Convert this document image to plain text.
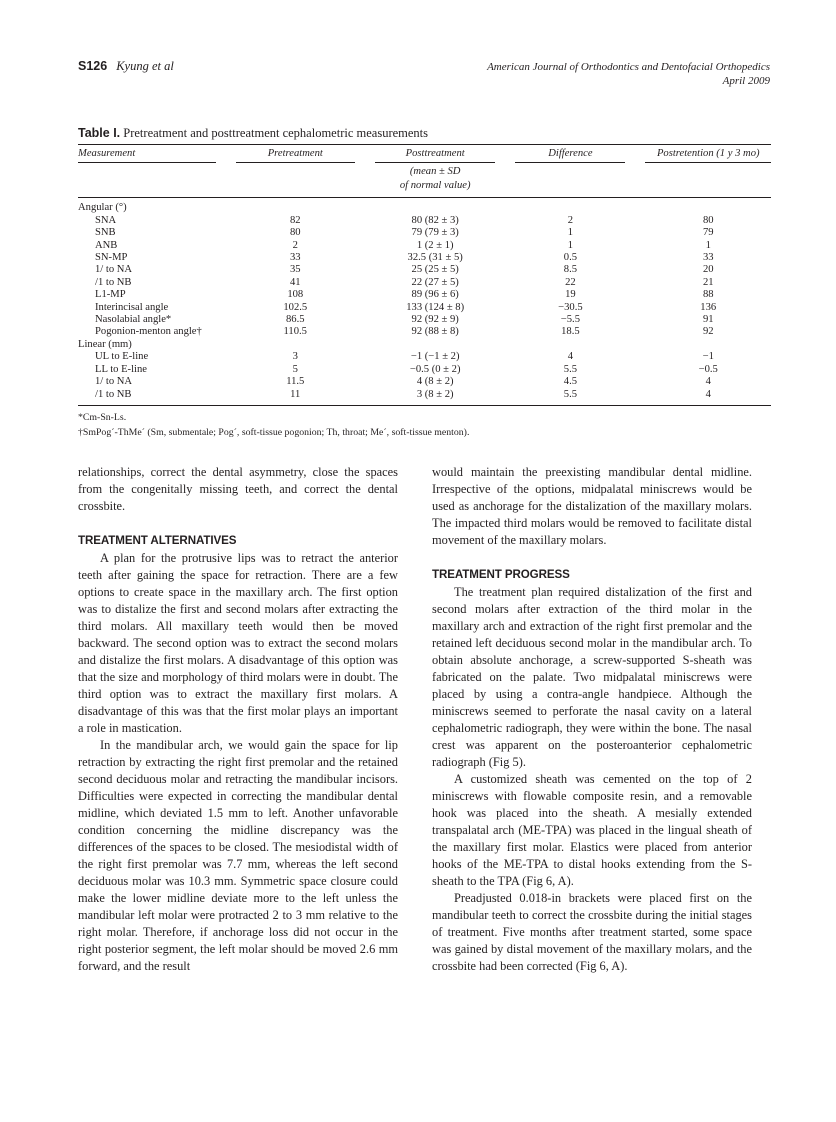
S126 Kyung et al	American Journal of Orthodontics and Dentofacial Orthopedics
April 2009
Table I. Pretreatment and posttreatment cephalometric measurements
Measurement	Pretreatment	Posttreatment	Difference	Postretention (1 y 3 mo)

		(mean ± SD		
		of normal value)		

Angular (°)				
SNA	82	80 (82 ± 3)	2	80
SNB	80	79 (79 ± 3)	1	79
ANB	2	1 (2 ± 1)	1	1
SN-MP	33	32.5 (31 ± 5)	0.5	33
1/ to NA	35	25 (25 ± 5)	8.5	20
/1 to NB	41	22 (27 ± 5)	22	21
L1-MP	108	89 (96 ± 6)	19	88
Interincisal angle	102.5	133 (124 ± 8)	−30.5	136
Nasolabial angle*	86.5	92 (92 ± 9)	−5.5	91
Pogonion-menton angle†	110.5	92 (88 ± 8)	18.5	92
Linear (mm)				
UL to E-line	3	−1 (−1 ± 2)	4	−1
LL to E-line	5	−0.5 (0 ± 2)	5.5	−0.5
1/ to NA	11.5	4 (8 ± 2)	4.5	4
/1 to NB	11	3 (8 ± 2)	5.5	4

*Cm-Sn-Ls.
†SmPog´-ThMe´ (Sm, submentale; Pog´, soft-tissue pogonion; Th, throat; Me´, soft-tissue menton).

relationships, correct the dental asymmetry, close the spaces from the congenitally missing teeth, and correct the dental crossbite.

TREATMENT ALTERNATIVES

A plan for the protrusive lips was to retract the anterior teeth after gaining the space for retraction. There are a few options to create space in the maxillary arch. The first option was to distalize the first and second molars after extracting the third molars. All maxillary teeth would then be moved backward. The second option was to extract the second molars and distalize the first molars. A disadvantage of this option was that the size and morphology of third molars were in doubt. The third option was to extract the maxillary first molars. A disadvantage of this was that the first molar plays an important a role in mastication.

In the mandibular arch, we would gain the space for lip retraction by extracting the right first premolar and the retained second deciduous molar and retracting the mandibular incisors. Difficulties were expected in correcting the mandibular dental midline, which deviated 1.5 mm to left. Another unfavorable condition concerning the midline discrepancy was the differences of the spaces to be closed. The mesiodistal width of the right first premolar was 7.7 mm, whereas the left second deciduous molar was 10.3 mm. Symmetric space closure could make the lower midline deviate more to the left unless the mandibular left molar were protracted 2 to 3 mm relative to the right molar. Therefore, if anchorage loss did not occur in the right posterior segment, the left molar should be moved 2.6 mm forward, and the result

would maintain the preexisting mandibular dental midline. Irrespective of the options, midpalatal miniscrews would be used as anchorage for the distalization of the maxillary molars. The impacted third molars would be removed to facilitate distal movement of the maxillary molars.

TREATMENT PROGRESS

The treatment plan required distalization of the first and second molars after extraction of the third molar in the maxillary arch and extraction of the right first premolar and the retained left deciduous second molar in the mandibular arch. To obtain absolute anchorage, a screw-supported S-sheath was fabricated on the palate. Two midpalatal miniscrews were placed by using a contra-angle handpiece. Although the miniscrews seemed to perforate the nasal cavity on a lateral cephalometric radiograph, they were within the bone. The nasal crest was apparent on the posteroanterior cephalometric radiograph (Fig 5).

A customized sheath was cemented on the top of 2 miniscrews with flowable composite resin, and a removable hook was placed into the sheath. A mesially extended transpalatal arch (ME-TPA) was placed in the lingual sheath of the maxillary first molar. Elastics were placed from anterior hooks of the ME-TPA to distal hooks extending from the S-sheath to the TPA (Fig 6, A).

Preadjusted 0.018-in brackets were placed first on the mandibular teeth to correct the crossbite during the initial stages of treatment. Five months after treatment started, some space was gained by distal movement of the maxillary molars, and the crossbite had been corrected (Fig 6, A).
